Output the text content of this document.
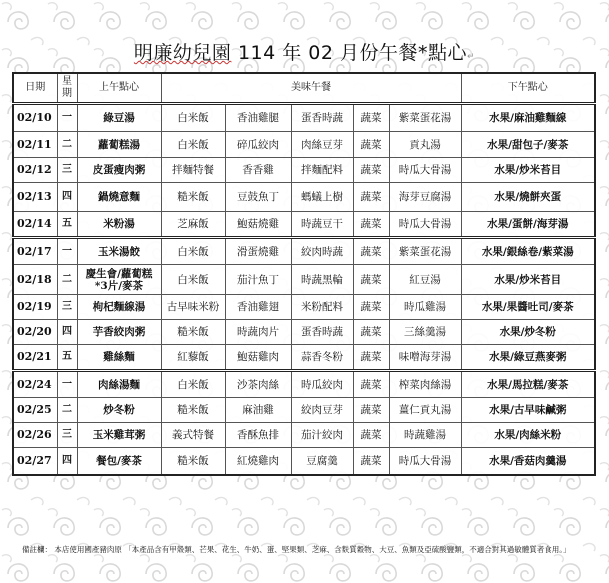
明廉幼兒園 114 年 02 月份午餐*點心↵
日期	星期	上午點心	美味午餐					下午點心
02/10	一	綠豆湯	白米飯	香油雞腿	蛋香時蔬	蔬菜	紫菜蛋花湯	水果/麻油雞麵線
02/11	二	蘿蔔糕湯	白米飯	碎瓜絞肉	肉絲豆芽	蔬菜	貢丸湯	水果/甜包子/麥茶
02/12	三	皮蛋瘦肉粥	拌麵特餐	香香雞	拌麵配料	蔬菜	時瓜大骨湯	水果/炒米苔目
02/13	四	鍋燒意麵	糙米飯	豆鼓魚丁	螞蟻上樹	蔬菜	海芽豆腐湯	水果/燒餅夾蛋
02/14	五	米粉湯	芝麻飯	鮑菇燒雞	時蔬豆干	蔬菜	時瓜大骨湯	水果/蛋餅/海芽湯
02/17	一	玉米湯餃	白米飯	滑蛋燒雞	絞肉時蔬	蔬菜	紫菜蛋花湯	水果/銀絲卷/紫菜湯
02/18	二	慶生會/蘿蔔糕*3片/麥茶	白米飯	茄汁魚丁	時蔬黑輪	蔬菜	紅豆湯	水果/炒米苔目
02/19	三	枸杞麵線湯	古早味米粉	香油雞翅	米粉配料	蔬菜	時瓜雞湯	水果/果醬吐司/麥茶
02/20	四	芋香絞肉粥	糙米飯	時蔬肉片	蛋香時蔬	蔬菜	三絲羹湯	水果/炒冬粉
02/21	五	雞絲麵	紅藜飯	鮑菇雞肉	蒜香冬粉	蔬菜	味噌海芽湯	水果/綠豆燕麥粥
02/24	一	肉絲湯麵	白米飯	沙茶肉絲	時瓜絞肉	蔬菜	榨菜肉絲湯	水果/馬拉糕/麥茶
02/25	二	炒冬粉	糙米飯	麻油雞	絞肉豆芽	蔬菜	薑仁貢丸湯	水果/古早味鹹粥
02/26	三	玉米雞茸粥	義式特餐	香酥魚排	茄汁絞肉	蔬菜	時蔬雞湯	水果/肉絲米粉
02/27	四	餐包/麥茶	糙米飯	紅燒雞肉	豆腐羹	蔬菜	時瓜大骨湯	水果/香菇肉羹湯
備註欄： 本店使用國產豬肉原 「本產品含有甲殼類、芒果、花生、牛奶、蛋、堅果類、芝麻、含麩質穀物、大豆、魚類及亞硫酸鹽類，不適合對其過敏體質者食用。」
